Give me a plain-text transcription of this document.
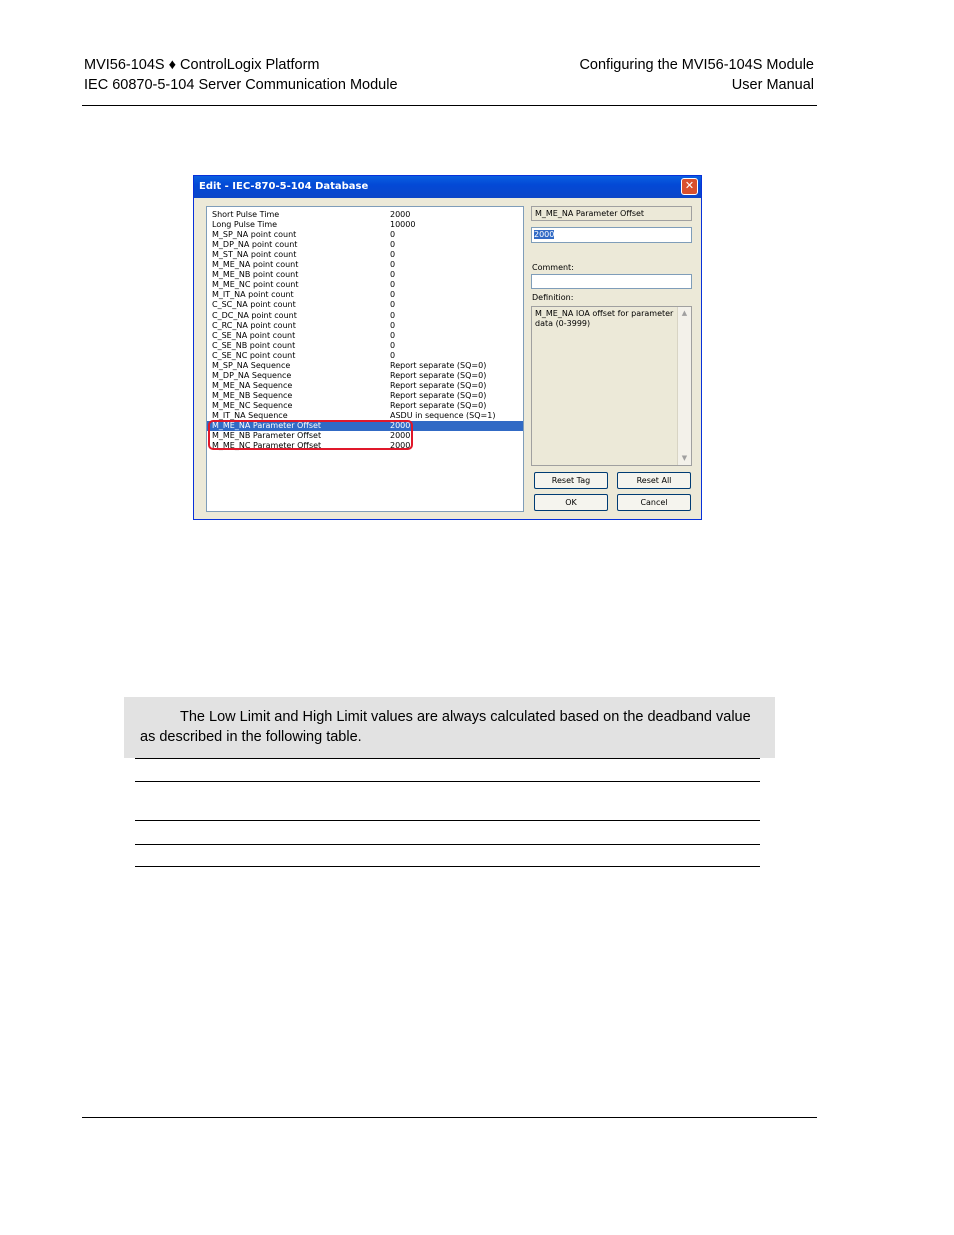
MVI56-104S ♦ ControlLogix Platform
IEC 60870-5-104 Server Communication Module
Configuring the MVI56-104S Module
User Manual
Edit - IEC-870-5-104 Database	✕
M_ME_NC Parameter Offset	2000
M_ME_NB Parameter Offset	2000
M_ME_NA Parameter Offset	2000
M_IT_NA Sequence	ASDU in sequence (SQ=1)
M_ME_NC Sequence	Report separate (SQ=0)
M_ME_NB Sequence	Report separate (SQ=0)
M_ME_NA Sequence	Report separate (SQ=0)
M_DP_NA Sequence	Report separate (SQ=0)
M_SP_NA Sequence	Report separate (SQ=0)
C_SE_NC point count	0
C_SE_NB point count	0
C_SE_NA point count	0
C_RC_NA point count	0
C_DC_NA point count	0
C_SC_NA point count	0
M_IT_NA point count	0
M_ME_NC point count	0
M_ME_NB point count	0
M_ME_NA point count	0
M_ST_NA point count	0
M_DP_NA point count	0
M_SP_NA point count	0
Long Pulse Time	10000
Short Pulse Time	2000	M_ME_NA Parameter Offset
2000
Comment:
Definition:
M_ME_NA IOA offset for parameter data (0-3999)
▲
▼
Reset Tag	Reset All
OK	Cancel
The Low Limit and High Limit values are always calculated based on the deadband value as described in the following table.
